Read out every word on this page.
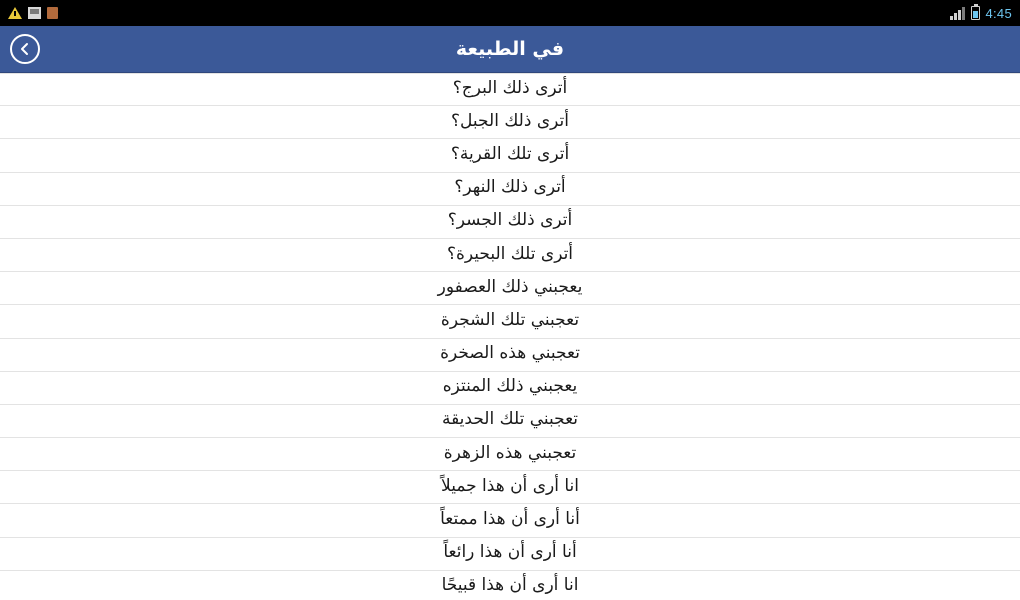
4:45
في الطبيعة
أترى ذلك البرج؟
أترى ذلك الجبل؟
أترى تلك القرية؟
أترى ذلك النهر؟
أترى ذلك الجسر؟
أترى تلك البحيرة؟
يعجبني ذلك العصفور
تعجبني تلك الشجرة
تعجبني هذه الصخرة
يعجبني ذلك المنتزه
تعجبني تلك الحديقة
تعجبني هذه الزهرة
انا أرى أن هذا جميلاً
أنا أرى أن هذا ممتعاً
أنا أرى أن هذا رائعاً
انا أرى أن هذا قبيحًا
